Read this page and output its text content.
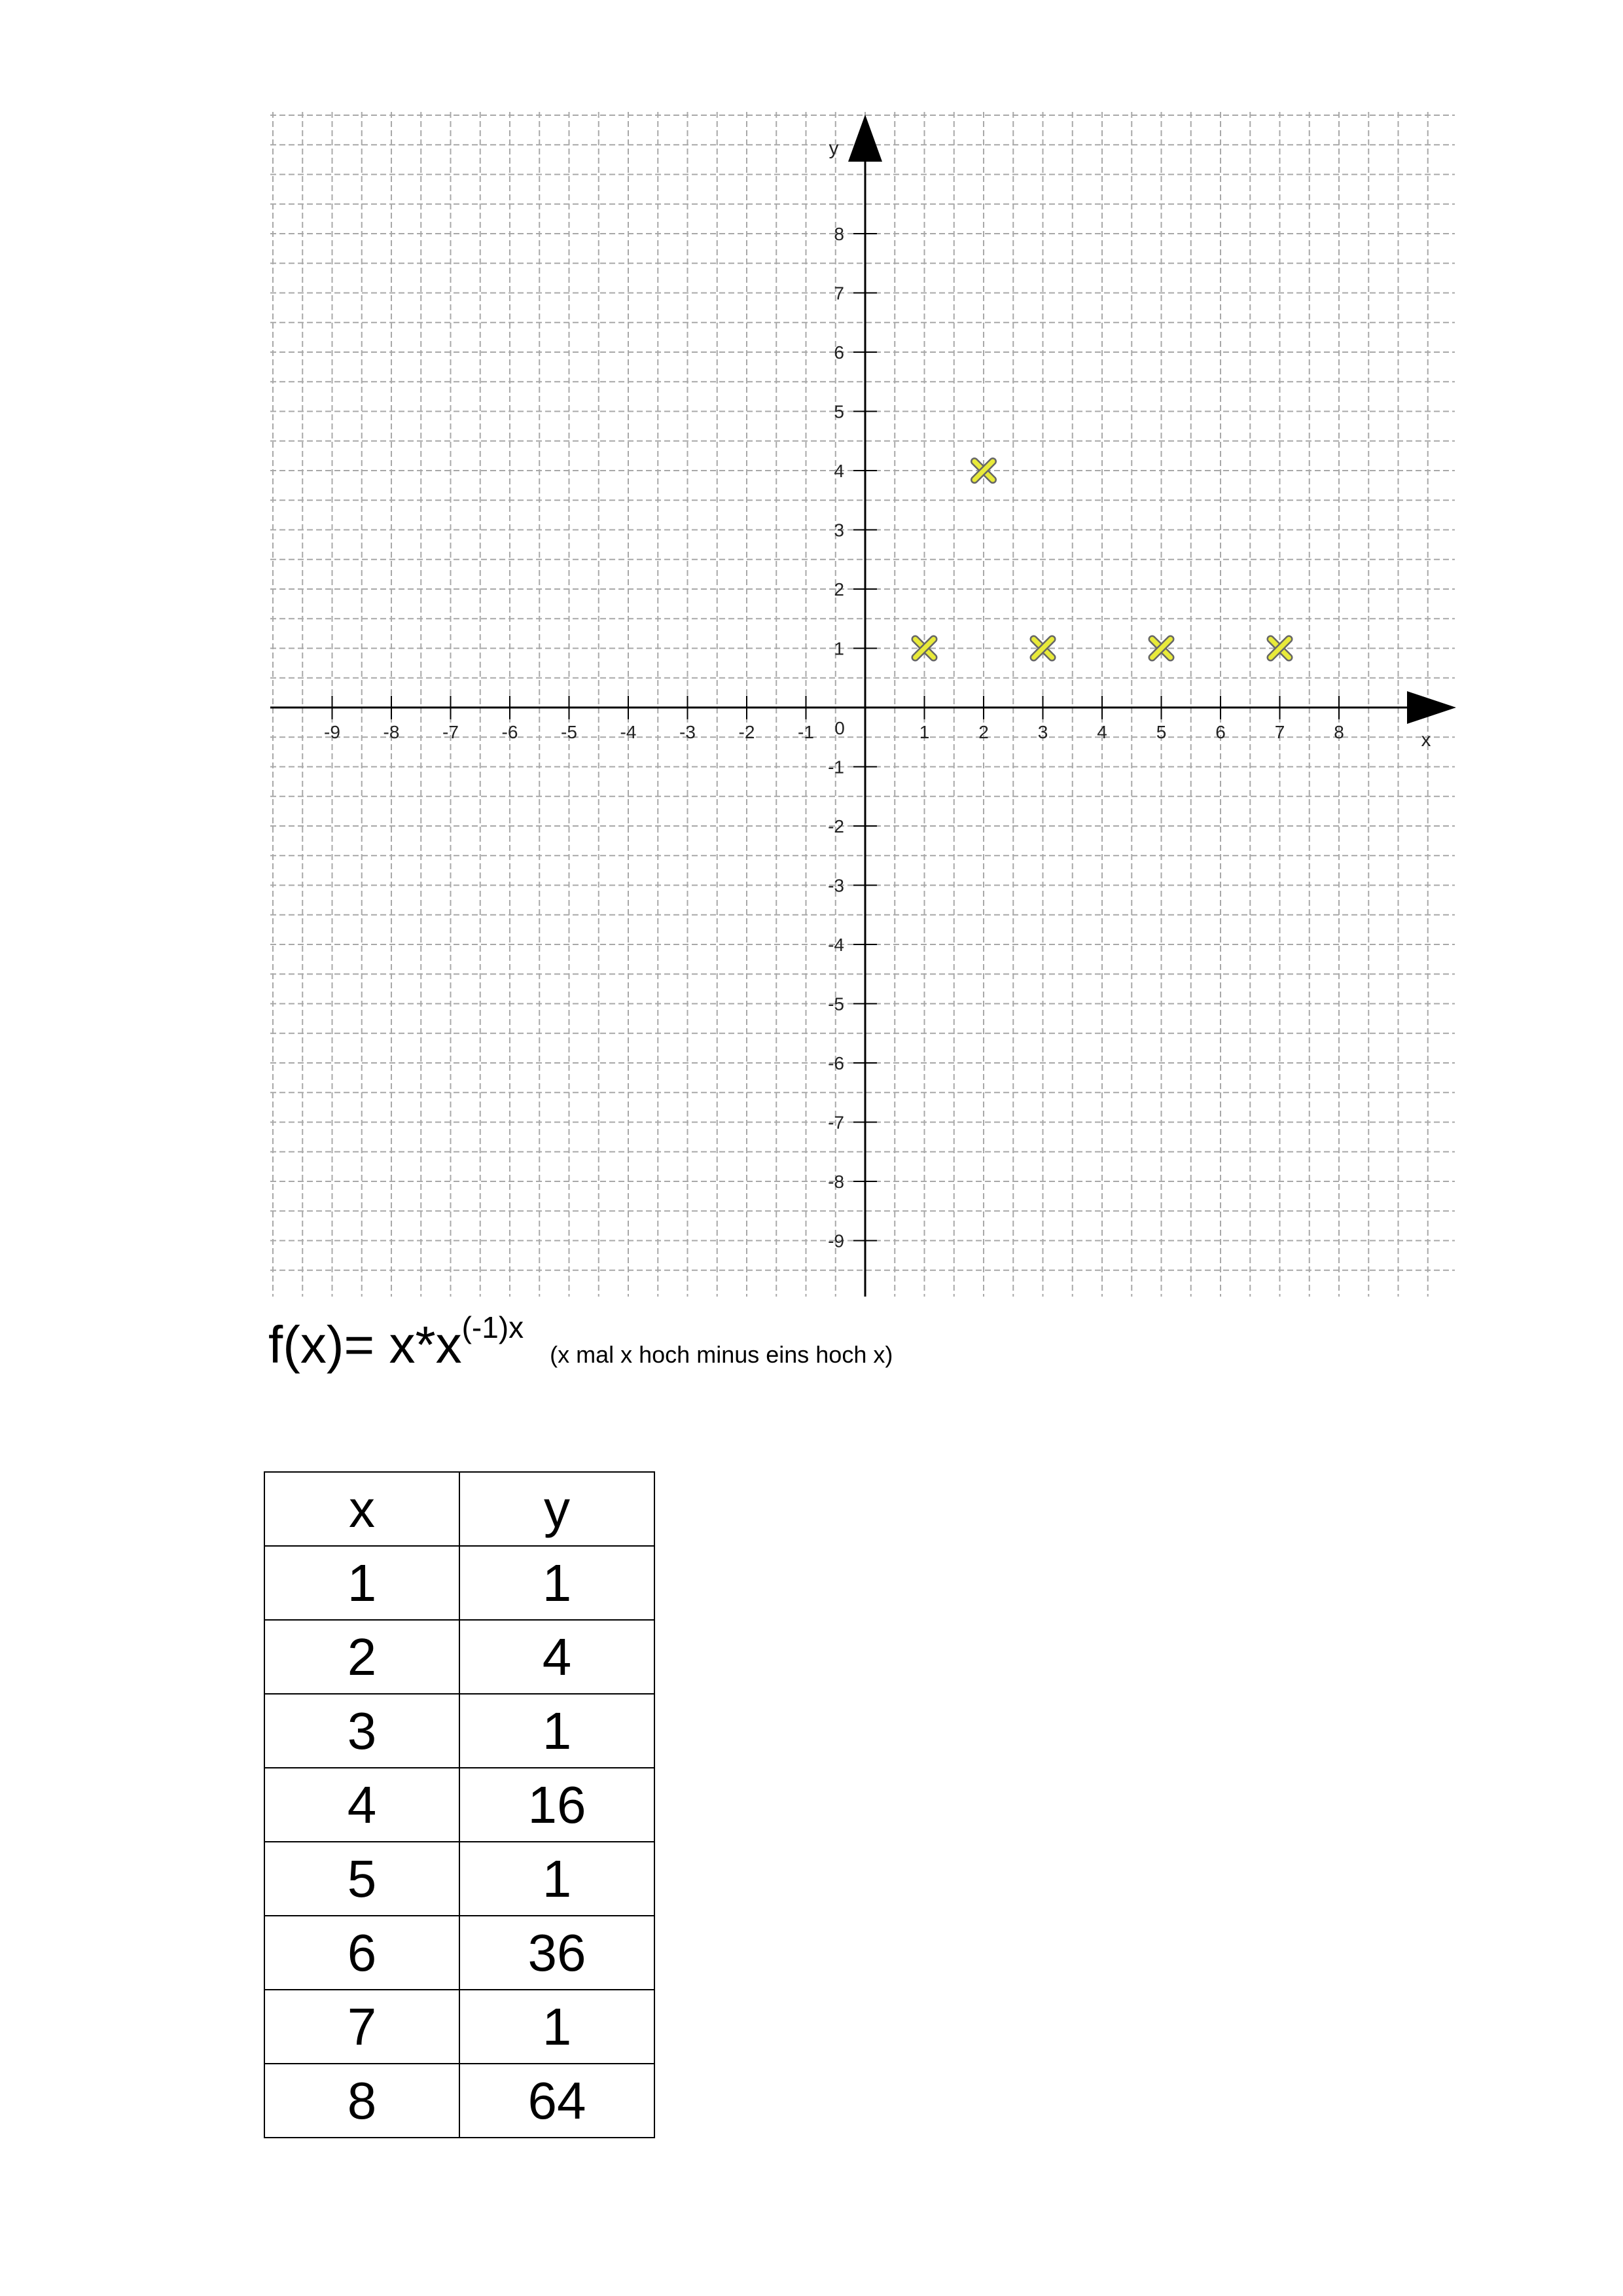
-9 -8 -7 -6 -5 -4 -3 -2 -1	1	2	3	4	5	6	7	8
-9
-8
-7
-6
-5
-4
-3
-2
-1
1
2
3
4
5
6
7
8
0
x
y
$f(x)= x*x^{(-1)x}(x$ mal x hoch minus eins hoch x)
x	y
1	1
2	4
3	1
4	16
5	1
6	36
7	1
8	64
